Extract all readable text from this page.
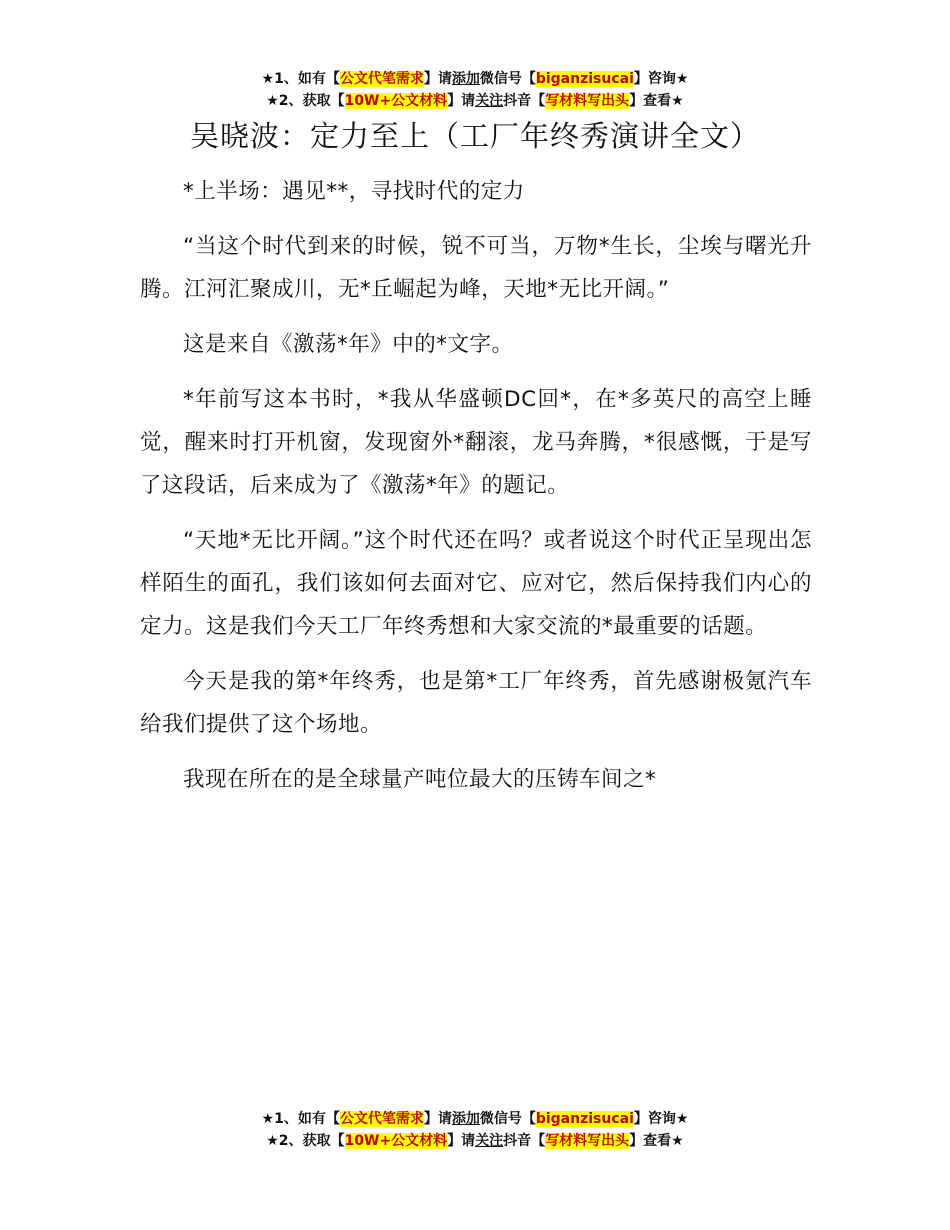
★1、如有【公文代笔需求】请添加微信号【biganzisucai】咨询★
★2、获取【10W+公文材料】请关注抖音【写材料写出头】查看★
吴晓波：定力至上（工厂年终秀演讲全文）

*上半场：遇见**，寻找时代的定力

“当这个时代到来的时候，锐不可当，万物*生长，尘埃与曙光升腾。江河汇聚成川，无*丘崛起为峰，天地*无比开阔。”

这是来自《激荡*年》中的*文字。

*年前写这本书时，*我从华盛顿DC回*，在*多英尺的高空上睡觉，醒来时打开机窗，发现窗外*翻滚，龙马奔腾，*很感慨，于是写了这段话，后来成为了《激荡*年》的题记。

“天地*无比开阔。”这个时代还在吗？或者说这个时代正呈现出怎样陌生的面孔，我们该如何去面对它、应对它，然后保持我们内心的定力。这是我们今天工厂年终秀想和大家交流的*最重要的话题。

今天是我的第*年终秀，也是第*工厂年终秀，首先感谢极氪汽车给我们提供了这个场地。

我现在所在的是全球量产吨位最大的压铸车间之*

★1、如有【公文代笔需求】请添加微信号【biganzisucai】咨询★
★2、获取【10W+公文材料】请关注抖音【写材料写出头】查看★
